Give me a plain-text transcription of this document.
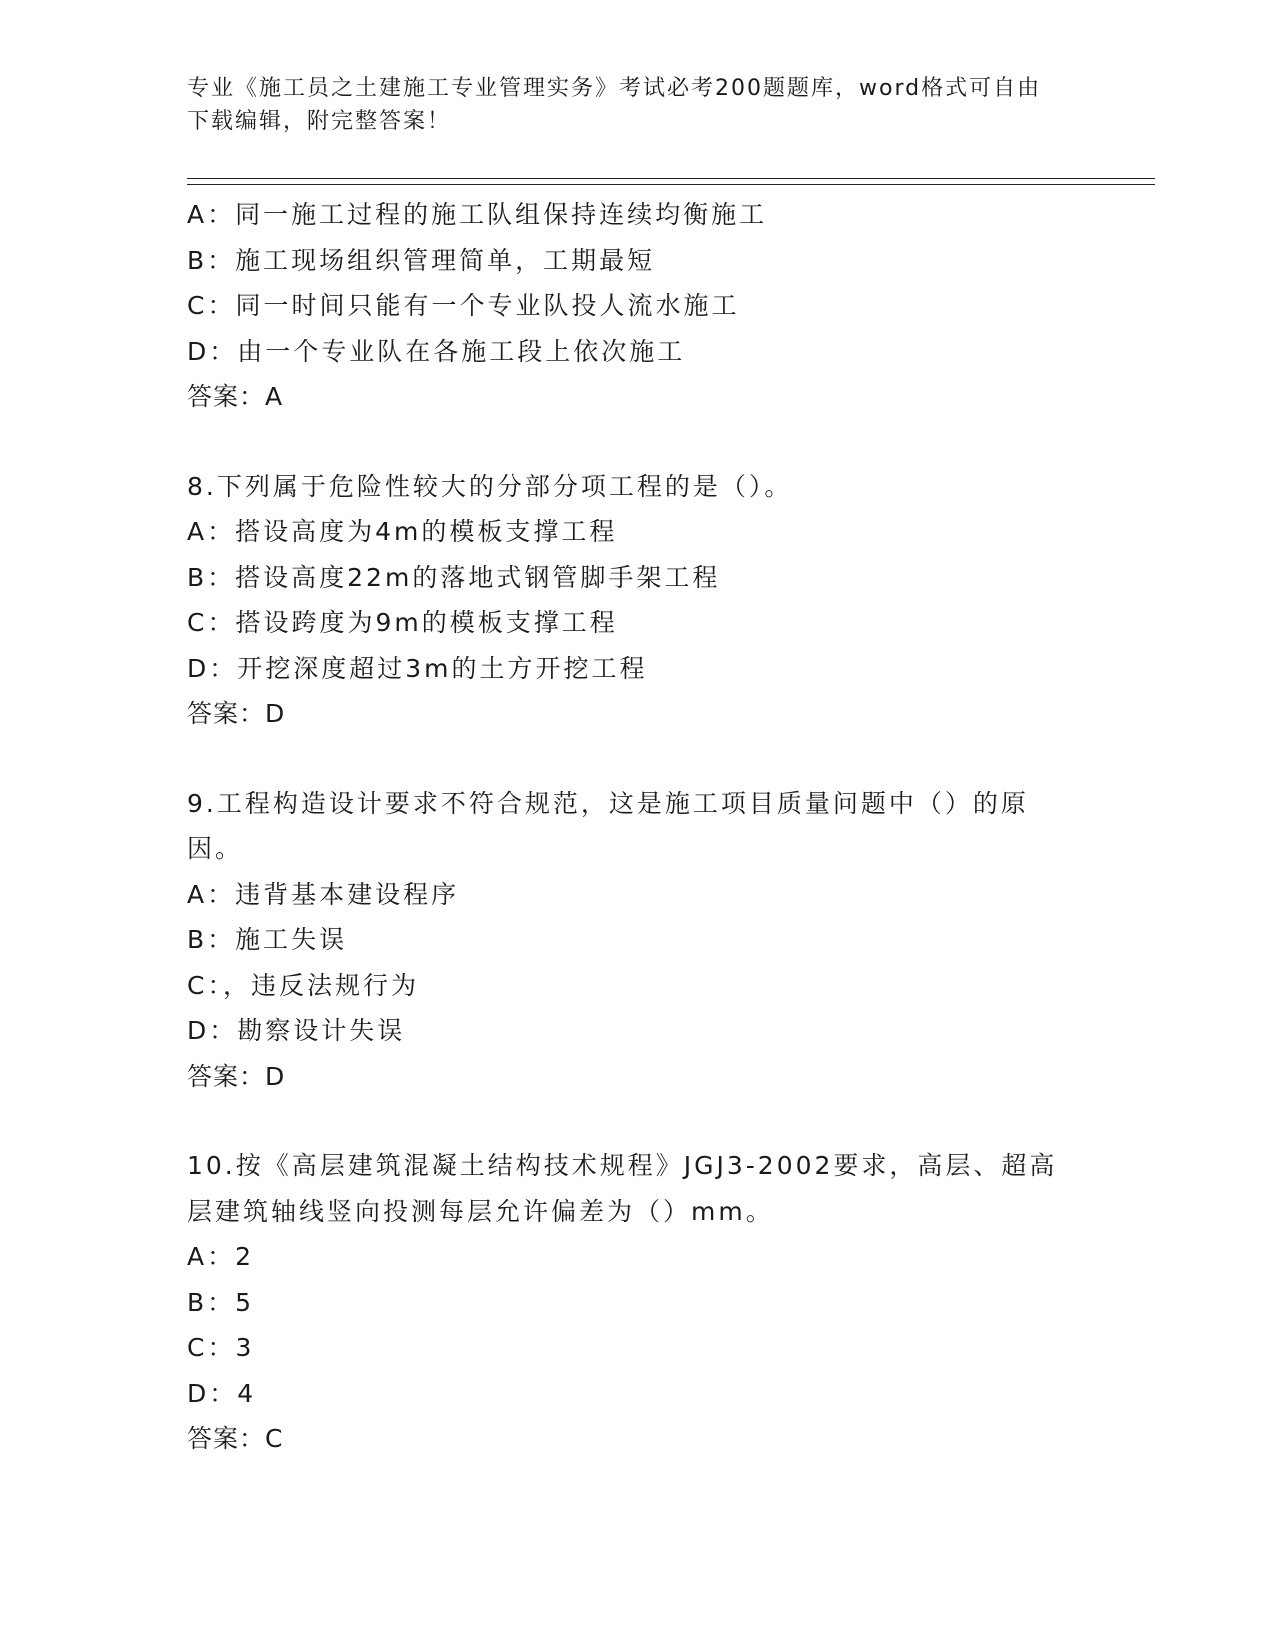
专业《施工员之土建施工专业管理实务》考试必考200题题库，word格式可自由
下载编辑，附完整答案！
A：同一施工过程的施工队组保持连续均衡施工
B：施工现场组织管理简单，工期最短
C：同一时间只能有一个专业队投人流水施工
D：由一个专业队在各施工段上依次施工
答案：A
8.下列属于危险性较大的分部分项工程的是（）。
A：搭设高度为4m的模板支撑工程
B：搭设高度22m的落地式钢管脚手架工程
C：搭设跨度为9m的模板支撑工程
D：开挖深度超过3m的土方开挖工程
答案：D
9.工程构造设计要求不符合规范，这是施工项目质量问题中（）的原
因。
A：违背基本建设程序
B：施工失误
C：，违反法规行为
D：勘察设计失误
答案：D
10.按《高层建筑混凝土结构技术规程》JGJ3-2002要求，高层、超高
层建筑轴线竖向投测每层允许偏差为（）mm。
A：2
B：5
C：3
D：4
答案：C
